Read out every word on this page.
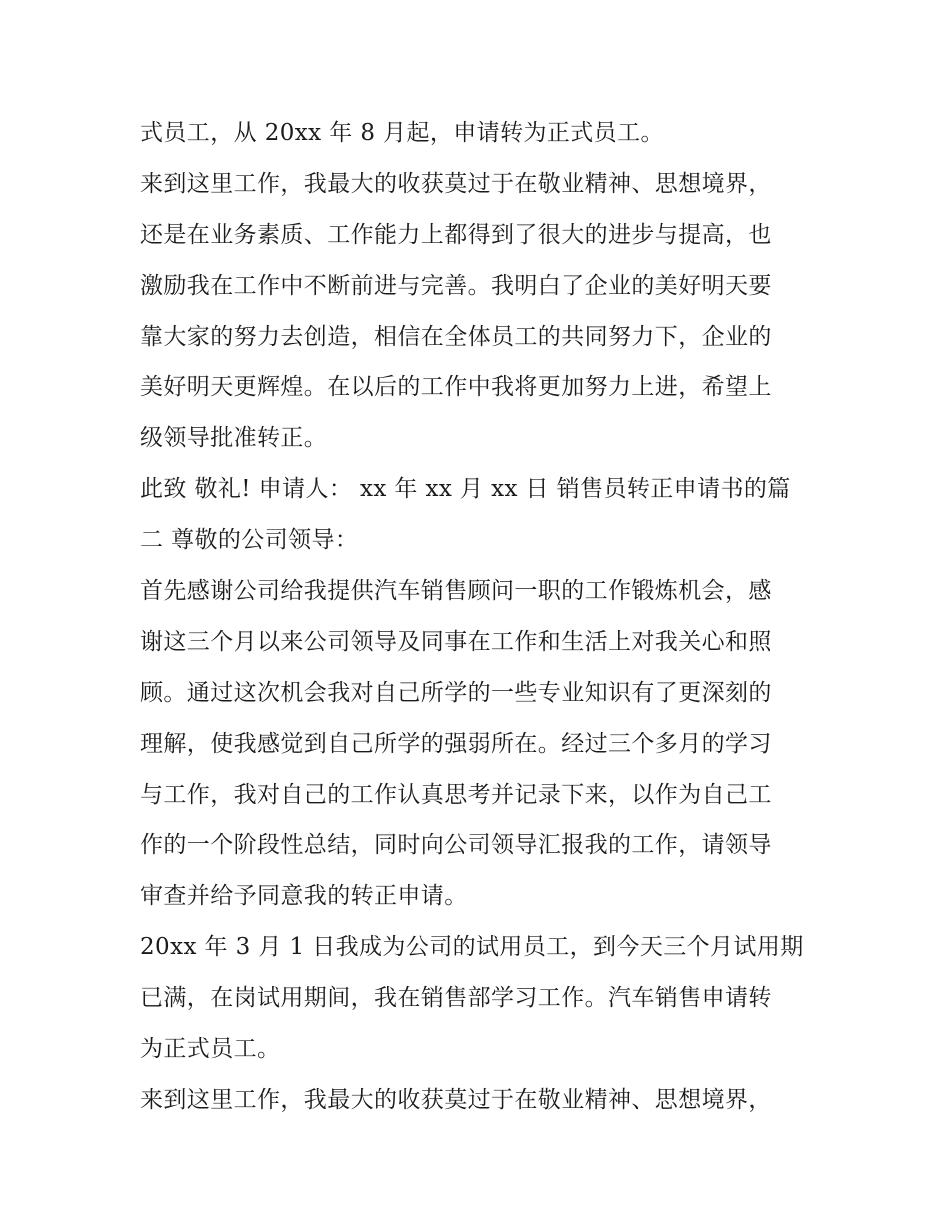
式员工，从 20xx 年 8 月起，申请转为正式员工。
来到这里工作，我最大的收获莫过于在敬业精神、思想境界，
还是在业务素质、工作能力上都得到了很大的进步与提高，也
激励我在工作中不断前进与完善。我明白了企业的美好明天要
靠大家的努力去创造，相信在全体员工的共同努力下，企业的
美好明天更辉煌。在以后的工作中我将更加努力上进，希望上
级领导批准转正。
此致 敬礼! 申请人： xx 年 xx 月 xx 日 销售员转正申请书的篇
二 尊敬的公司领导：
首先感谢公司给我提供汽车销售顾问一职的工作锻炼机会，感
谢这三个月以来公司领导及同事在工作和生活上对我关心和照
顾。通过这次机会我对自己所学的一些专业知识有了更深刻的
理解，使我感觉到自己所学的强弱所在。经过三个多月的学习
与工作，我对自己的工作认真思考并记录下来，以作为自己工
作的一个阶段性总结，同时向公司领导汇报我的工作，请领导
审查并给予同意我的转正申请。
20xx 年 3 月 1 日我成为公司的试用员工，到今天三个月试用期
已满，在岗试用期间，我在销售部学习工作。汽车销售申请转
为正式员工。
来到这里工作，我最大的收获莫过于在敬业精神、思想境界，
